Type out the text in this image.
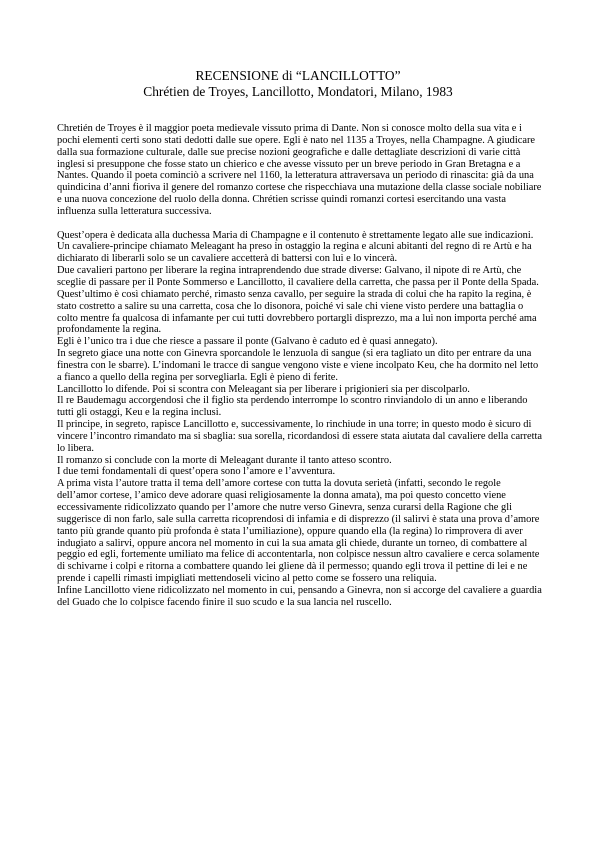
RECENSIONE di “LANCILLOTTO”

Chrétien de Troyes, Lancillotto, Mondatori, Milano, 1983

Chretién de Troyes è il maggior poeta medievale vissuto prima di Dante. Non si conosce molto della sua vita e i pochi elementi certi sono stati dedotti dalle sue opere. Egli è nato nel 1135 a Troyes, nella Champagne. A giudicare dalla sua formazione culturale, dalle sue precise nozioni geografiche e dalle dettagliate descrizioni di varie città inglesi si presuppone che fosse stato un chierico e che avesse vissuto per un breve periodo in Gran Bretagna e a Nantes. Quando il poeta cominciò a scrivere nel 1160, la letteratura attraversava un periodo di rinascita: già da una quindicina d’anni fioriva il genere del romanzo cortese che rispecchiava una mutazione della classe sociale nobiliare e una nuova concezione del ruolo della donna. Chrétien scrisse quindi romanzi cortesi esercitando una vasta influenza sulla letteratura successiva.

Quest’opera è dedicata alla duchessa Maria di Champagne e il contenuto è strettamente legato alle sue indicazioni.

Un cavaliere-principe chiamato Meleagant ha preso in ostaggio la regina e alcuni abitanti del regno di re Artù e ha dichiarato di liberarli solo se un cavaliere accetterà di battersi con lui e lo vincerà.

Due cavalieri partono per liberare la regina intraprendendo due strade diverse: Galvano, il nipote di re Artù, che sceglie di passare per il Ponte Sommerso e Lancillotto, il cavaliere della carretta, che passa per il Ponte della Spada.

Quest’ultimo è così chiamato perché, rimasto senza cavallo, per seguire la strada di colui che ha rapito la regina, è stato costretto a salire su una carretta, cosa che lo disonora, poiché vi sale chi viene visto perdere una battaglia o colto mentre fa qualcosa di infamante per cui tutti dovrebbero portargli disprezzo, ma a lui non importa perché ama profondamente la regina.

Egli è l’unico tra i due che riesce a passare il ponte (Galvano è caduto ed è quasi annegato).

In segreto giace una notte con Ginevra sporcandole le lenzuola di sangue (si era tagliato un dito per entrare da una finestra con le sbarre). L’indomani le tracce di sangue vengono viste e viene incolpato Keu, che ha dormito nel letto a fianco a quello della regina per sorvegliarla. Egli è pieno di ferite.

Lancillotto lo difende. Poi si scontra con Meleagant sia per liberare i prigionieri sia per discolparlo.

Il re Baudemagu accorgendosi che il figlio sta perdendo interrompe lo scontro rinviandolo di un anno e liberando tutti gli ostaggi, Keu e la regina inclusi.

Il principe, in segreto, rapisce Lancillotto e, successivamente, lo rinchiude in una torre; in questo modo è sicuro di vincere l’incontro rimandato ma si sbaglia: sua sorella, ricordandosi di essere stata aiutata dal cavaliere della carretta lo libera.

Il romanzo si conclude con la morte di Meleagant durante il tanto atteso scontro.

I due temi fondamentali di quest’opera sono l’amore e l’avventura.

A prima vista l’autore tratta il tema dell’amore cortese con tutta la dovuta serietà (infatti, secondo le regole dell’amor cortese, l’amico deve adorare quasi religiosamente la donna amata), ma poi questo concetto viene eccessivamente ridicolizzato quando per l’amore che nutre verso Ginevra, senza curarsi della Ragione che gli suggerisce di non farlo, sale sulla carretta ricoprendosi di infamia e di disprezzo (il salirvi è stata una prova d’amore tanto più grande quanto più profonda è stata l’umiliazione), oppure quando ella (la regina) lo rimprovera di aver indugiato a salirvi, oppure ancora nel momento in cui la sua amata gli chiede, durante un torneo, di combattere al peggio ed egli, fortemente umiliato ma felice di accontentarla, non colpisce nessun altro cavaliere e cerca solamente di schivarne i colpi e ritorna a combattere quando lei gliene dà il permesso; quando egli trova il pettine di lei e ne prende i capelli rimasti impigliati mettendoseli vicino al petto come se fossero una reliquia.

Infine Lancillotto viene ridicolizzato nel momento in cui, pensando a Ginevra, non si accorge del cavaliere a guardia del Guado che lo colpisce facendo finire il suo scudo e la sua lancia nel ruscello.
